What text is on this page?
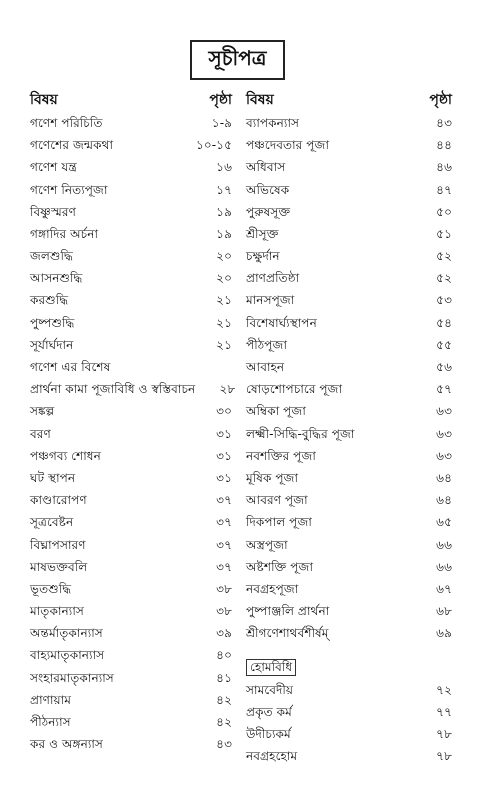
সূচীপত্র
বিষয়	পৃষ্ঠা
গণেশ পরিচিতি	১-৯
গণেশের জন্মকথা	১০-১৫
গণেশ যন্ত্র	১৬
গণেশ নিত্যপূজা	১৭
বিষ্ণুস্মরণ	১৯
গঙ্গাদির অর্চনা	১৯
জলশুদ্ধি	২০
আসনশুদ্ধি	২০
করশুদ্ধি	২১
পুষ্পশুদ্ধি	২১
সূর্যার্ঘদান	২১
গণেশ এর বিশেষ
প্রার্থনা কামা পূজাবিধি ও স্বস্তিবাচন	২৮
সঙ্কল্প	৩০
বরণ	৩১
পঞ্চগব্য শোধন	৩১
ঘট স্থাপন	৩১
কাণ্ডারোপণ	৩৭
সূত্রবেষ্টন	৩৭
বিঘ্নাপসারণ	৩৭
মাষভক্তবলি	৩৭
ভূতশুদ্ধি	৩৮
মাতৃকান্যাস	৩৮
অন্তর্মাতৃকান্যাস	৩৯
বাহ্যমাতৃকান্যাস	৪০
সংহারমাতৃকান্যাস	৪১
প্রাণায়াম	৪২
পীঠন্যাস	৪২
কর ও অঙ্গন্যাস	৪৩
বিষয়	পৃষ্ঠা
ব্যাপকন্যাস	৪৩
পঞ্চদেবতার পূজা	৪৪
অধিবাস	৪৬
অভিষেক	৪৭
পুরুষসূক্ত	৫০
শ্রীসূক্ত	৫১
চক্ষুর্দান	৫২
প্রাণপ্রতিষ্ঠা	৫২
মানসপূজা	৫৩
বিশেষার্ঘ্যস্থাপন	৫৪
পীঠপূজা	৫৫
আবাহন	৫৬
ষোড়শোপচারে পূজা	৫৭
অম্বিকা পূজা	৬৩
লক্ষ্মী-সিদ্ধি-বুদ্ধির পূজা	৬৩
নবশক্তির পূজা	৬৩
মূষিক পূজা	৬৪
আবরণ পূজা	৬৪
দিকপাল পূজা	৬৫
অস্ত্রপূজা	৬৬
অষ্টশক্তি পূজা	৬৬
নবগ্রহপূজা	৬৭
পুষ্পাঞ্জলি প্রার্থনা	৬৮
শ্রীগণেশাথর্বশীর্ষম্	৬৯
হোমবিধি
সামবেদীয়	৭২
প্রকৃত কর্ম	৭৭
উদীচ্যকর্ম	৭৮
নবগ্রহহোম	৭৮
